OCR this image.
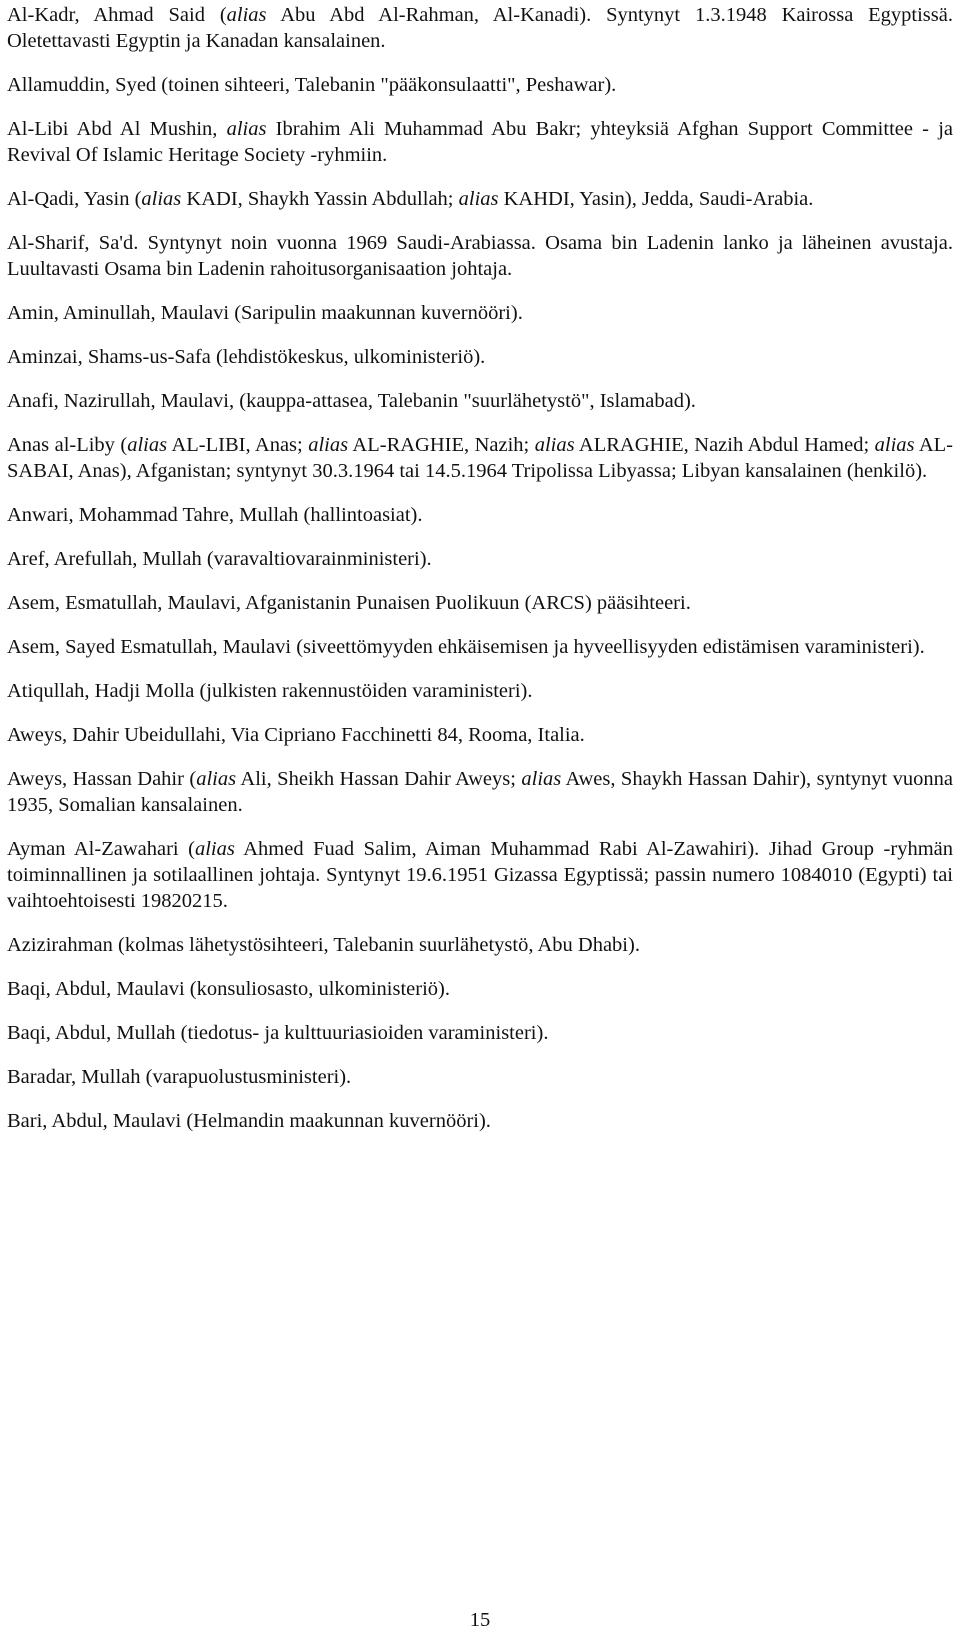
Al-Kadr, Ahmad Said (alias Abu Abd Al-Rahman, Al-Kanadi). Syntynyt 1.3.1948 Kairossa Egyptissä. Oletettavasti Egyptin ja Kanadan kansalainen.

Allamuddin, Syed (toinen sihteeri, Talebanin "pääkonsulaatti", Peshawar).

Al-Libi Abd Al Mushin, alias Ibrahim Ali Muhammad Abu Bakr; yhteyksiä Afghan Support Committee - ja Revival Of Islamic Heritage Society -ryhmiin.

Al-Qadi, Yasin (alias KADI, Shaykh Yassin Abdullah; alias KAHDI, Yasin), Jedda, Saudi-Arabia.

Al-Sharif, Sa'd. Syntynyt noin vuonna 1969 Saudi-Arabiassa. Osama bin Ladenin lanko ja läheinen avustaja. Luultavasti Osama bin Ladenin rahoitusorganisaation johtaja.

Amin, Aminullah, Maulavi (Saripulin maakunnan kuvernööri).

Aminzai, Shams-us-Safa (lehdistökeskus, ulkoministeriö).

Anafi, Nazirullah, Maulavi, (kauppa-attasea, Talebanin "suurlähetystö", Islamabad).

Anas al-Liby (alias AL-LIBI, Anas; alias AL-RAGHIE, Nazih; alias ALRAGHIE, Nazih Abdul Hamed; alias AL-SABAI, Anas), Afganistan; syntynyt 30.3.1964 tai 14.5.1964 Tripolissa Libyassa; Libyan kansalainen (henkilö).

Anwari, Mohammad Tahre, Mullah (hallintoasiat).

Aref, Arefullah, Mullah (varavaltiovarainministeri).

Asem, Esmatullah, Maulavi, Afganistanin Punaisen Puolikuun (ARCS) pääsihteeri.

Asem, Sayed Esmatullah, Maulavi (siveettömyyden ehkäisemisen ja hyveellisyyden edistämisen varaministeri).

Atiqullah, Hadji Molla (julkisten rakennustöiden varaministeri).

Aweys, Dahir Ubeidullahi, Via Cipriano Facchinetti 84, Rooma, Italia.

Aweys, Hassan Dahir (alias Ali, Sheikh Hassan Dahir Aweys; alias Awes, Shaykh Hassan Dahir), syntynyt vuonna 1935, Somalian kansalainen.

Ayman Al-Zawahari (alias Ahmed Fuad Salim, Aiman Muhammad Rabi Al-Zawahiri). Jihad Group -ryhmän toiminnallinen ja sotilaallinen johtaja. Syntynyt 19.6.1951 Gizassa Egyptissä; passin numero 1084010 (Egypti) tai vaihtoehtoisesti 19820215.

Azizirahman (kolmas lähetystösihteeri, Talebanin suurlähetystö, Abu Dhabi).

Baqi, Abdul, Maulavi (konsuliosasto, ulkoministeriö).

Baqi, Abdul, Mullah (tiedotus- ja kulttuuriasioiden varaministeri).

Baradar, Mullah (varapuolustusministeri).

Bari, Abdul, Maulavi (Helmandin maakunnan kuvernööri).

15
